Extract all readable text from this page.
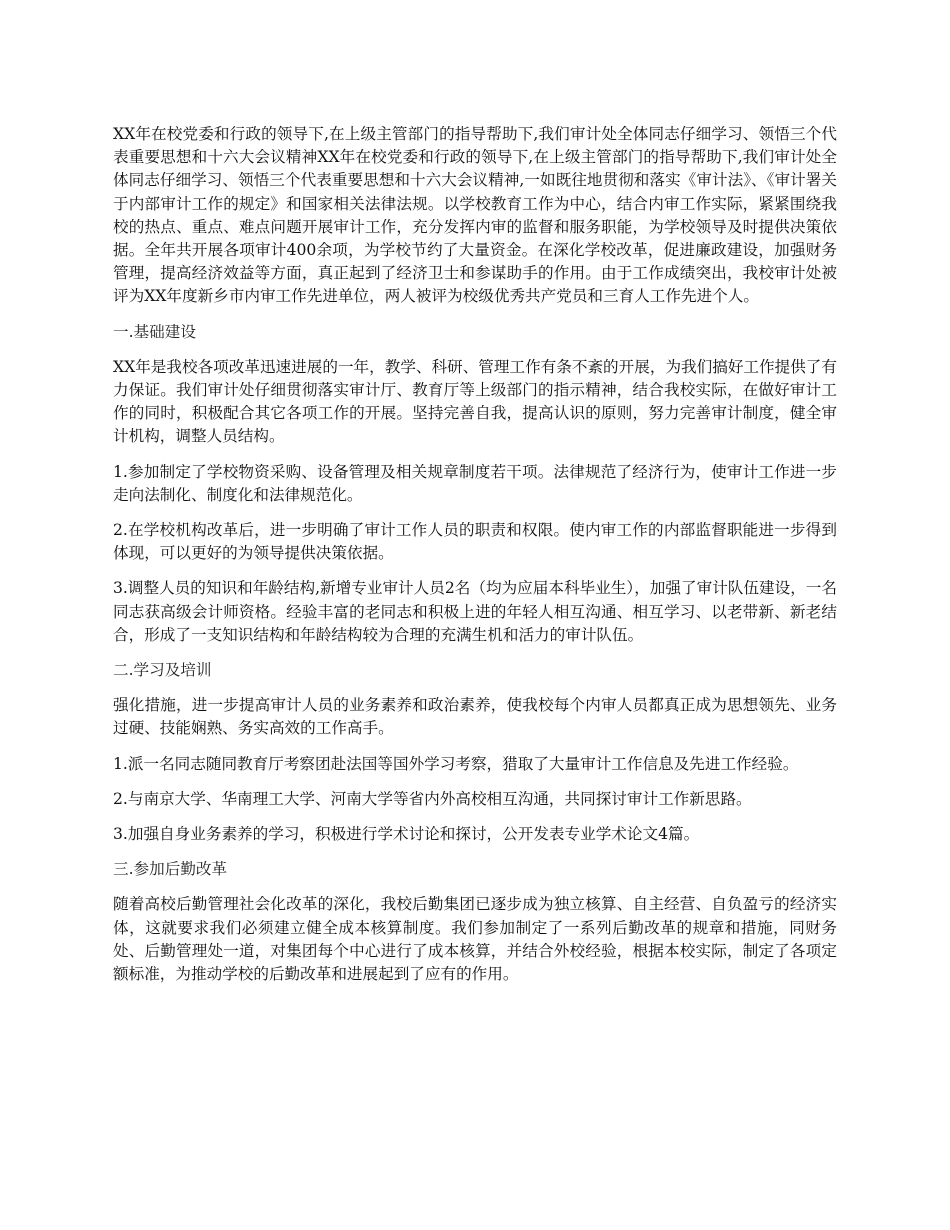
XX年在校党委和行政的领导下,在上级主管部门的指导帮助下,我们审计处全体同志仔细学习、领悟三个代表重要思想和十六大会议精神XX年在校党委和行政的领导下,在上级主管部门的指导帮助下,我们审计处全体同志仔细学习、领悟三个代表重要思想和十六大会议精神,一如既往地贯彻和落实《审计法》、《审计署关于内部审计工作的规定》和国家相关法律法规。以学校教育工作为中心，结合内审工作实际，紧紧围绕我校的热点、重点、难点问题开展审计工作，充分发挥内审的监督和服务职能，为学校领导及时提供决策依据。全年共开展各项审计400余项，为学校节约了大量资金。在深化学校改革，促进廉政建设，加强财务管理，提高经济效益等方面，真正起到了经济卫士和参谋助手的作用。由于工作成绩突出，我校审计处被评为XX年度新乡市内审工作先进单位，两人被评为校级优秀共产党员和三育人工作先进个人。

一.基础建设

XX年是我校各项改革迅速进展的一年，教学、科研、管理工作有条不紊的开展，为我们搞好工作提供了有力保证。我们审计处仔细贯彻落实审计厅、教育厅等上级部门的指示精神，结合我校实际，在做好审计工作的同时，积极配合其它各项工作的开展。坚持完善自我，提高认识的原则，努力完善审计制度，健全审计机构，调整人员结构。

1.参加制定了学校物资采购、设备管理及相关规章制度若干项。法律规范了经济行为，使审计工作进一步走向法制化、制度化和法律规范化。

2.在学校机构改革后，进一步明确了审计工作人员的职责和权限。使内审工作的内部监督职能进一步得到体现，可以更好的为领导提供决策依据。

3.调整人员的知识和年龄结构,新增专业审计人员2名（均为应届本科毕业生），加强了审计队伍建设，一名同志获高级会计师资格。经验丰富的老同志和积极上进的年轻人相互沟通、相互学习、以老带新、新老结合，形成了一支知识结构和年龄结构较为合理的充满生机和活力的审计队伍。

二.学习及培训

强化措施，进一步提高审计人员的业务素养和政治素养，使我校每个内审人员都真正成为思想领先、业务过硬、技能娴熟、务实高效的工作高手。

1.派一名同志随同教育厅考察团赴法国等国外学习考察，猎取了大量审计工作信息及先进工作经验。

2.与南京大学、华南理工大学、河南大学等省内外高校相互沟通，共同探讨审计工作新思路。

3.加强自身业务素养的学习，积极进行学术讨论和探讨，公开发表专业学术论文4篇。

三.参加后勤改革

随着高校后勤管理社会化改革的深化，我校后勤集团已逐步成为独立核算、自主经营、自负盈亏的经济实体，这就要求我们必须建立健全成本核算制度。我们参加制定了一系列后勤改革的规章和措施，同财务处、后勤管理处一道，对集团每个中心进行了成本核算，并结合外校经验，根据本校实际，制定了各项定额标准，为推动学校的后勤改革和进展起到了应有的作用。
